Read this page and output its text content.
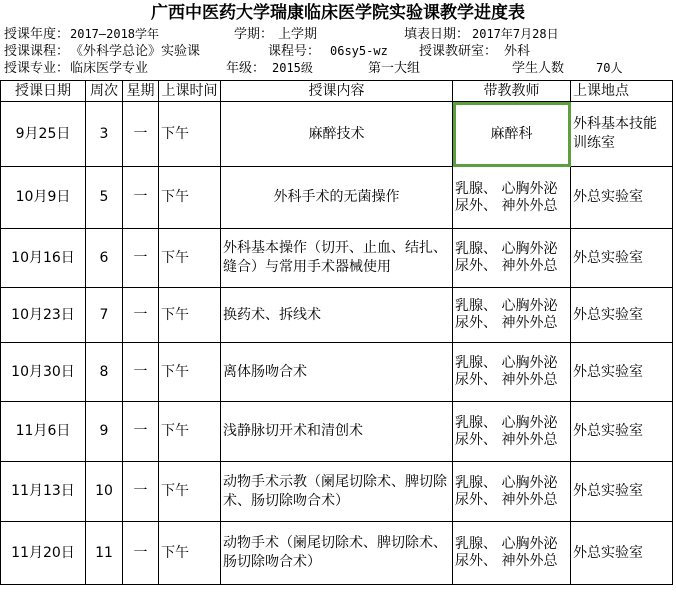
广西中医药大学瑞康临床医学院实验课教学进度表
授课年度： 2017—2018学年	学期： 上学期	填表日期： 2017年7月28日
授课课程： 《外科学总论》实验课	课程号： 06sy5-wz 授课教研室： 外科
授课专业： 临床医学专业	年级： 2015级	第一大组	学生人数	70人
授课日期	周次	星期	上课时间	授课内容	带教教师	上课地点
9月25日	3	一	下午	麻醉技术	麻醉科	外科基本技能训练室
10月9日	5	一	下午	外科手术的无菌操作	乳腺、 心胸外泌尿外、 神外外总	外总实验室
10月16日	6	一	下午	外科基本操作（切开、止血、结扎、缝合）与常用手术器械使用	乳腺、 心胸外泌尿外、 神外外总	外总实验室
10月23日	7	一	下午	换药术、拆线术	乳腺、 心胸外泌尿外、 神外外总	外总实验室
10月30日	8	一	下午	离体肠吻合术	乳腺、 心胸外泌尿外、 神外外总	外总实验室
11月6日	9	一	下午	浅静脉切开术和清创术	乳腺、 心胸外泌尿外、 神外外总	外总实验室
11月13日	10	一	下午	动物手术示教（阑尾切除术、脾切除术、肠切除吻合术）	乳腺、 心胸外泌尿外、 神外外总	外总实验室
11月20日	11	一	下午	动物手术（阑尾切除术、脾切除术、肠切除吻合术）	乳腺、 心胸外泌尿外、 神外外总	外总实验室
